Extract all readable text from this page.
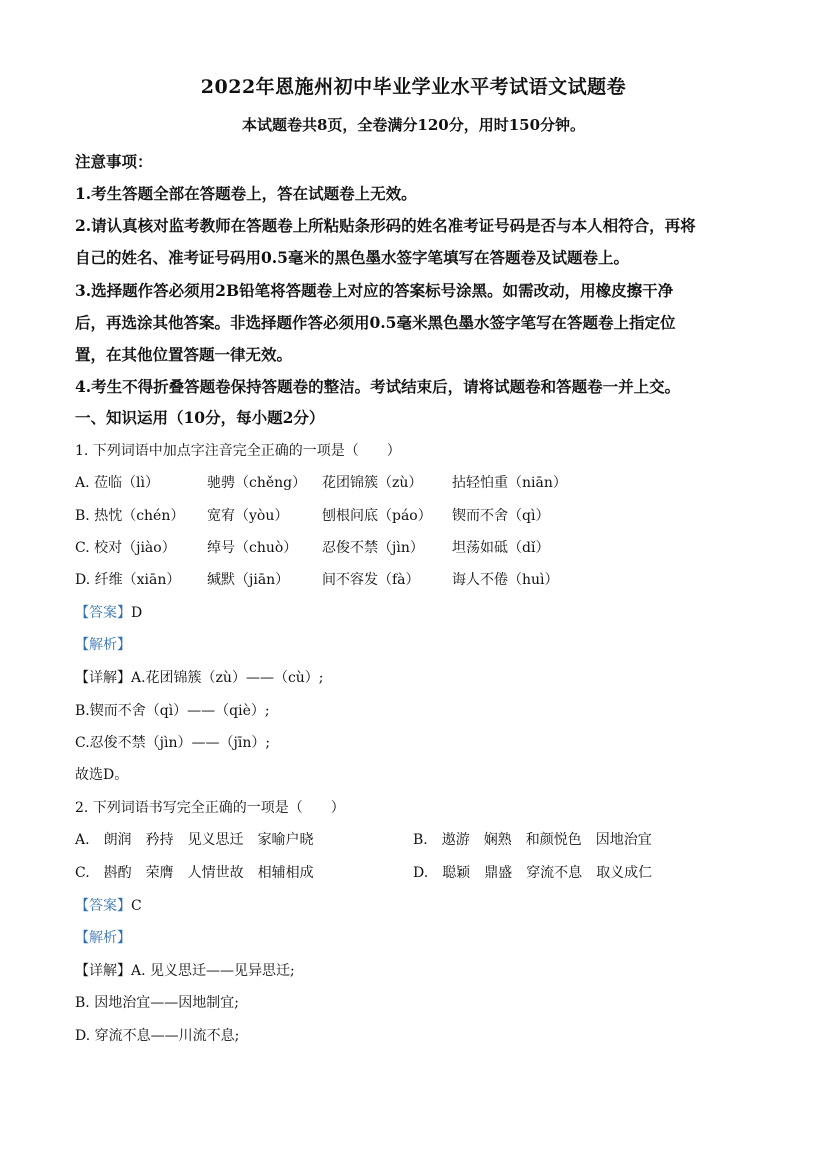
2022年恩施州初中毕业学业水平考试语文试题卷
本试题卷共8页，全卷满分120分，用时150分钟。
注意事项：
1.考生答题全部在答题卷上，答在试题卷上无效。
2.请认真核对监考教师在答题卷上所粘贴条形码的姓名准考证号码是否与本人相符合，再将
自己的姓名、准考证号码用0.5毫米的黑色墨水签字笔填写在答题卷及试题卷上。
3.选择题作答必须用2B铅笔将答题卷上对应的答案标号涂黑。如需改动，用橡皮擦干净
后，再选涂其他答案。非选择题作答必须用0.5毫米黑色墨水签字笔写在答题卷上指定位
置，在其他位置答题一律无效。
4.考生不得折叠答题卷保持答题卷的整洁。考试结束后，请将试题卷和答题卷一并上交。
一、知识运用（10分，每小题2分）
1. 下列词语中加点字注音完全正确的一项是（　　）
A. 莅临（lì）	驰骋（chěng） 花团锦簇（zù） 拈轻怕重（niān）
B. 热忱（chén） 宽宥（yòu） 刨根问底（páo） 锲而不舍（qì）
C. 校对（jiào） 绰号（chuò） 忍俊不禁（jìn） 坦荡如砥（dǐ）
D. 纤维（xiān） 缄默（jiān） 间不容发（fà） 诲人不倦（huì）
【答案】D
【解析】
【详解】A.花团锦簇（zù）——（cù）;
B.锲而不舍（qì）——（qiè）;
C.忍俊不禁（jìn）——（jīn）;
故选D。
2. 下列词语书写完全正确的一项是（　　）
A. 朗润 矜持 见义思迁 家喻户晓	B. 遨游 娴熟 和颜悦色 因地治宜
C. 斟酌 荣膺 人情世故 相辅相成	D. 聪颖 鼎盛 穿流不息 取义成仁
【答案】C
【解析】
【详解】A. 见义思迁——见异思迁;
B. 因地治宜——因地制宜;
D. 穿流不息——川流不息;
